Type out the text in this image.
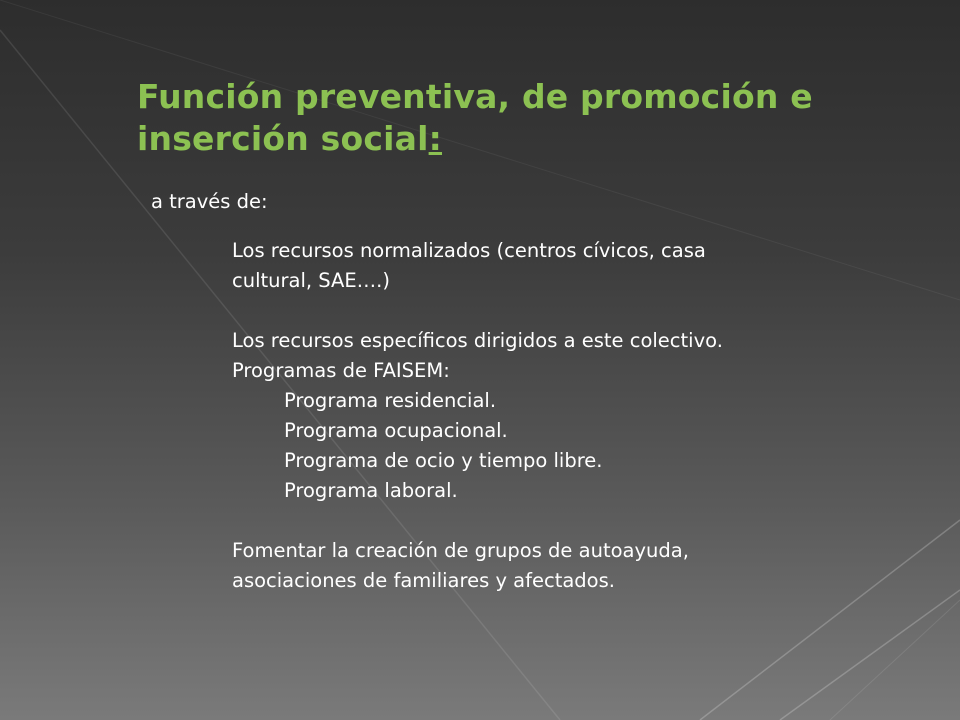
Función preventiva, de promoción e inserción social:

a través de:

Los recursos normalizados (centros cívicos, casa

cultural, SAE….)

Los recursos específicos dirigidos a este colectivo.

Programas de FAISEM:

Programa residencial.

Programa ocupacional.

Programa de ocio y tiempo libre.

Programa laboral.

Fomentar la creación de grupos de autoayuda,

asociaciones de familiares y afectados.
